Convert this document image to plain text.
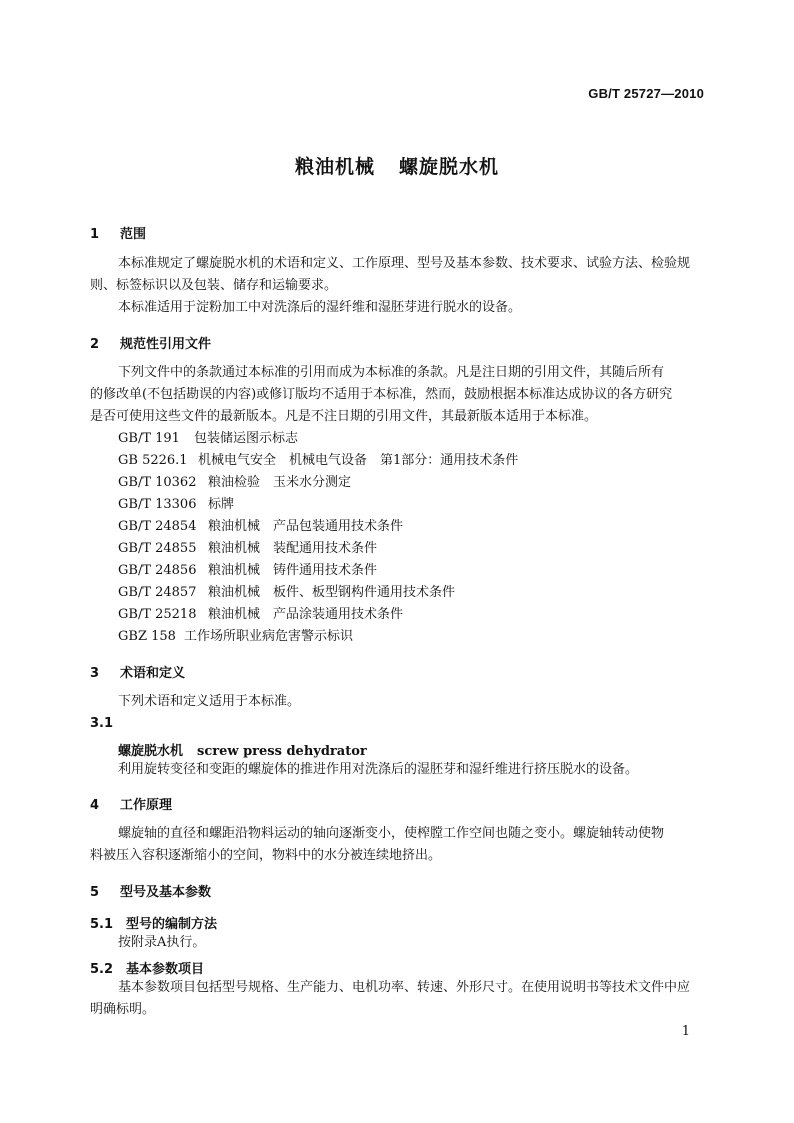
GB/T 25727—2010
粮油机械 螺旋脱水机
1 范围
本标准规定了螺旋脱水机的术语和定义、工作原理、型号及基本参数、技术要求、试验方法、检验规
则、标签标识以及包装、储存和运输要求。
本标准适用于淀粉加工中对洗涤后的湿纤维和湿胚芽进行脱水的设备。
2 规范性引用文件
下列文件中的条款通过本标准的引用而成为本标准的条款。凡是注日期的引用文件，其随后所有
的修改单(不包括勘误的内容)或修订版均不适用于本标准，然而，鼓励根据本标准达成协议的各方研究
是否可使用这些文件的最新版本。凡是不注日期的引用文件，其最新版本适用于本标准。
GB/T 191 包装储运图示标志
GB 5226.1 机械电气安全　机械电气设备　第1部分：通用技术条件
GB/T 10362 粮油检验　玉米水分测定
GB/T 13306 标牌
GB/T 24854 粮油机械　产品包装通用技术条件
GB/T 24855 粮油机械　装配通用技术条件
GB/T 24856 粮油机械　铸件通用技术条件
GB/T 24857 粮油机械　板件、板型钢构件通用技术条件
GB/T 25218 粮油机械　产品涂装通用技术条件
GBZ 158 工作场所职业病危害警示标识
3 术语和定义
下列术语和定义适用于本标准。
3.1
螺旋脱水机 screw press dehydrator
利用旋转变径和变距的螺旋体的推进作用对洗涤后的湿胚芽和湿纤维进行挤压脱水的设备。
4 工作原理
螺旋轴的直径和螺距沿物料运动的轴向逐渐变小，使榨膛工作空间也随之变小。螺旋轴转动使物
料被压入容积逐渐缩小的空间，物料中的水分被连续地挤出。
5 型号及基本参数
5.1 型号的编制方法
按附录A执行。
5.2 基本参数项目
基本参数项目包括型号规格、生产能力、电机功率、转速、外形尺寸。在使用说明书等技术文件中应
明确标明。
1
